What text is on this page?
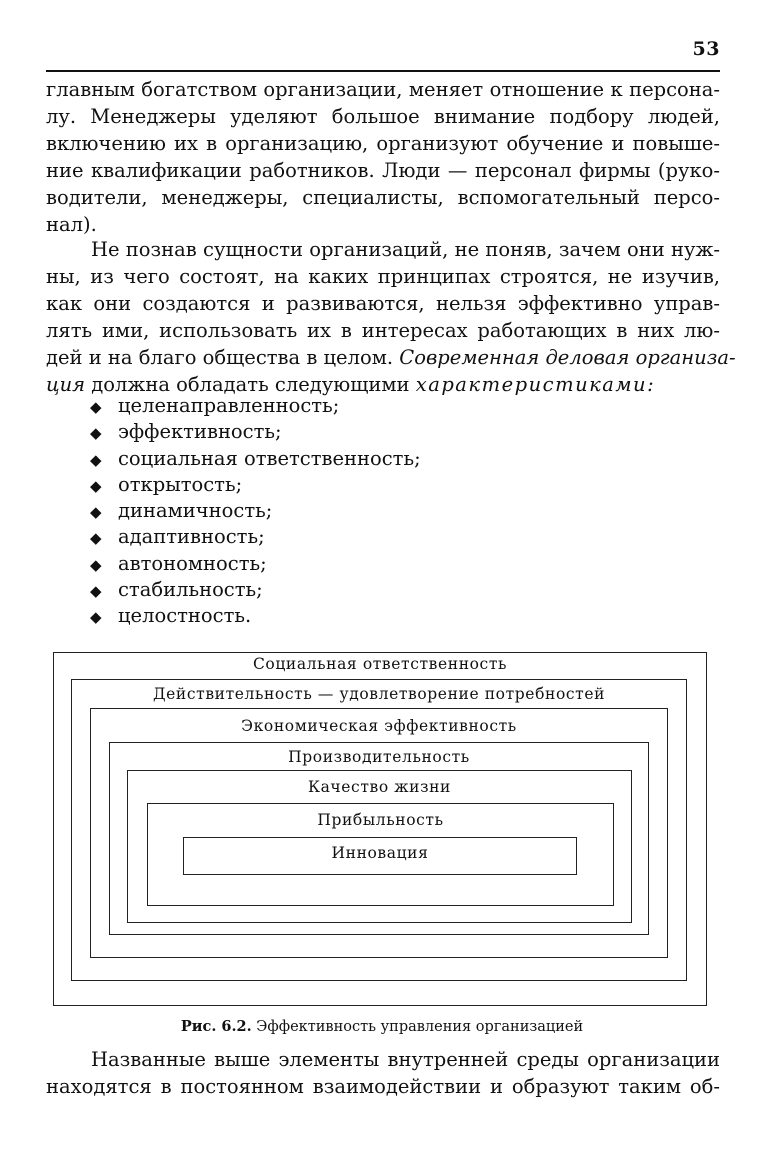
53
главным богатством организации, меняет отношение к персона-
лу. Менеджеры уделяют большое внимание подбору людей,
включению их в организацию, организуют обучение и повыше-
ние квалификации работников. Люди — персонал фирмы (руко-
водители, менеджеры, специалисты, вспомогательный персо-
нал).
Не познав сущности организаций, не поняв, зачем они нуж-
ны, из чего состоят, на каких принципах строятся, не изучив,
как они создаются и развиваются, нельзя эффективно управ-
лять ими, использовать их в интересах работающих в них лю-
дей и на благо общества в целом. Современная деловая организа-
ция должна обладать следующими характеристиками:
◆ целенаправленность;
◆ эффективность;
◆ социальная ответственность;
◆ открытость;
◆ динамичность;
◆ адаптивность;
◆ автономность;
◆ стабильность;
◆ целостность.
Социальная ответственность
Действительность — удовлетворение потребностей
Экономическая эффективность
Производительность
Качество жизни
Прибыльность
Инновация
Рис. 6.2. Эффективность управления организацией
Названные выше элементы внутренней среды организации
находятся в постоянном взаимодействии и образуют таким об-
